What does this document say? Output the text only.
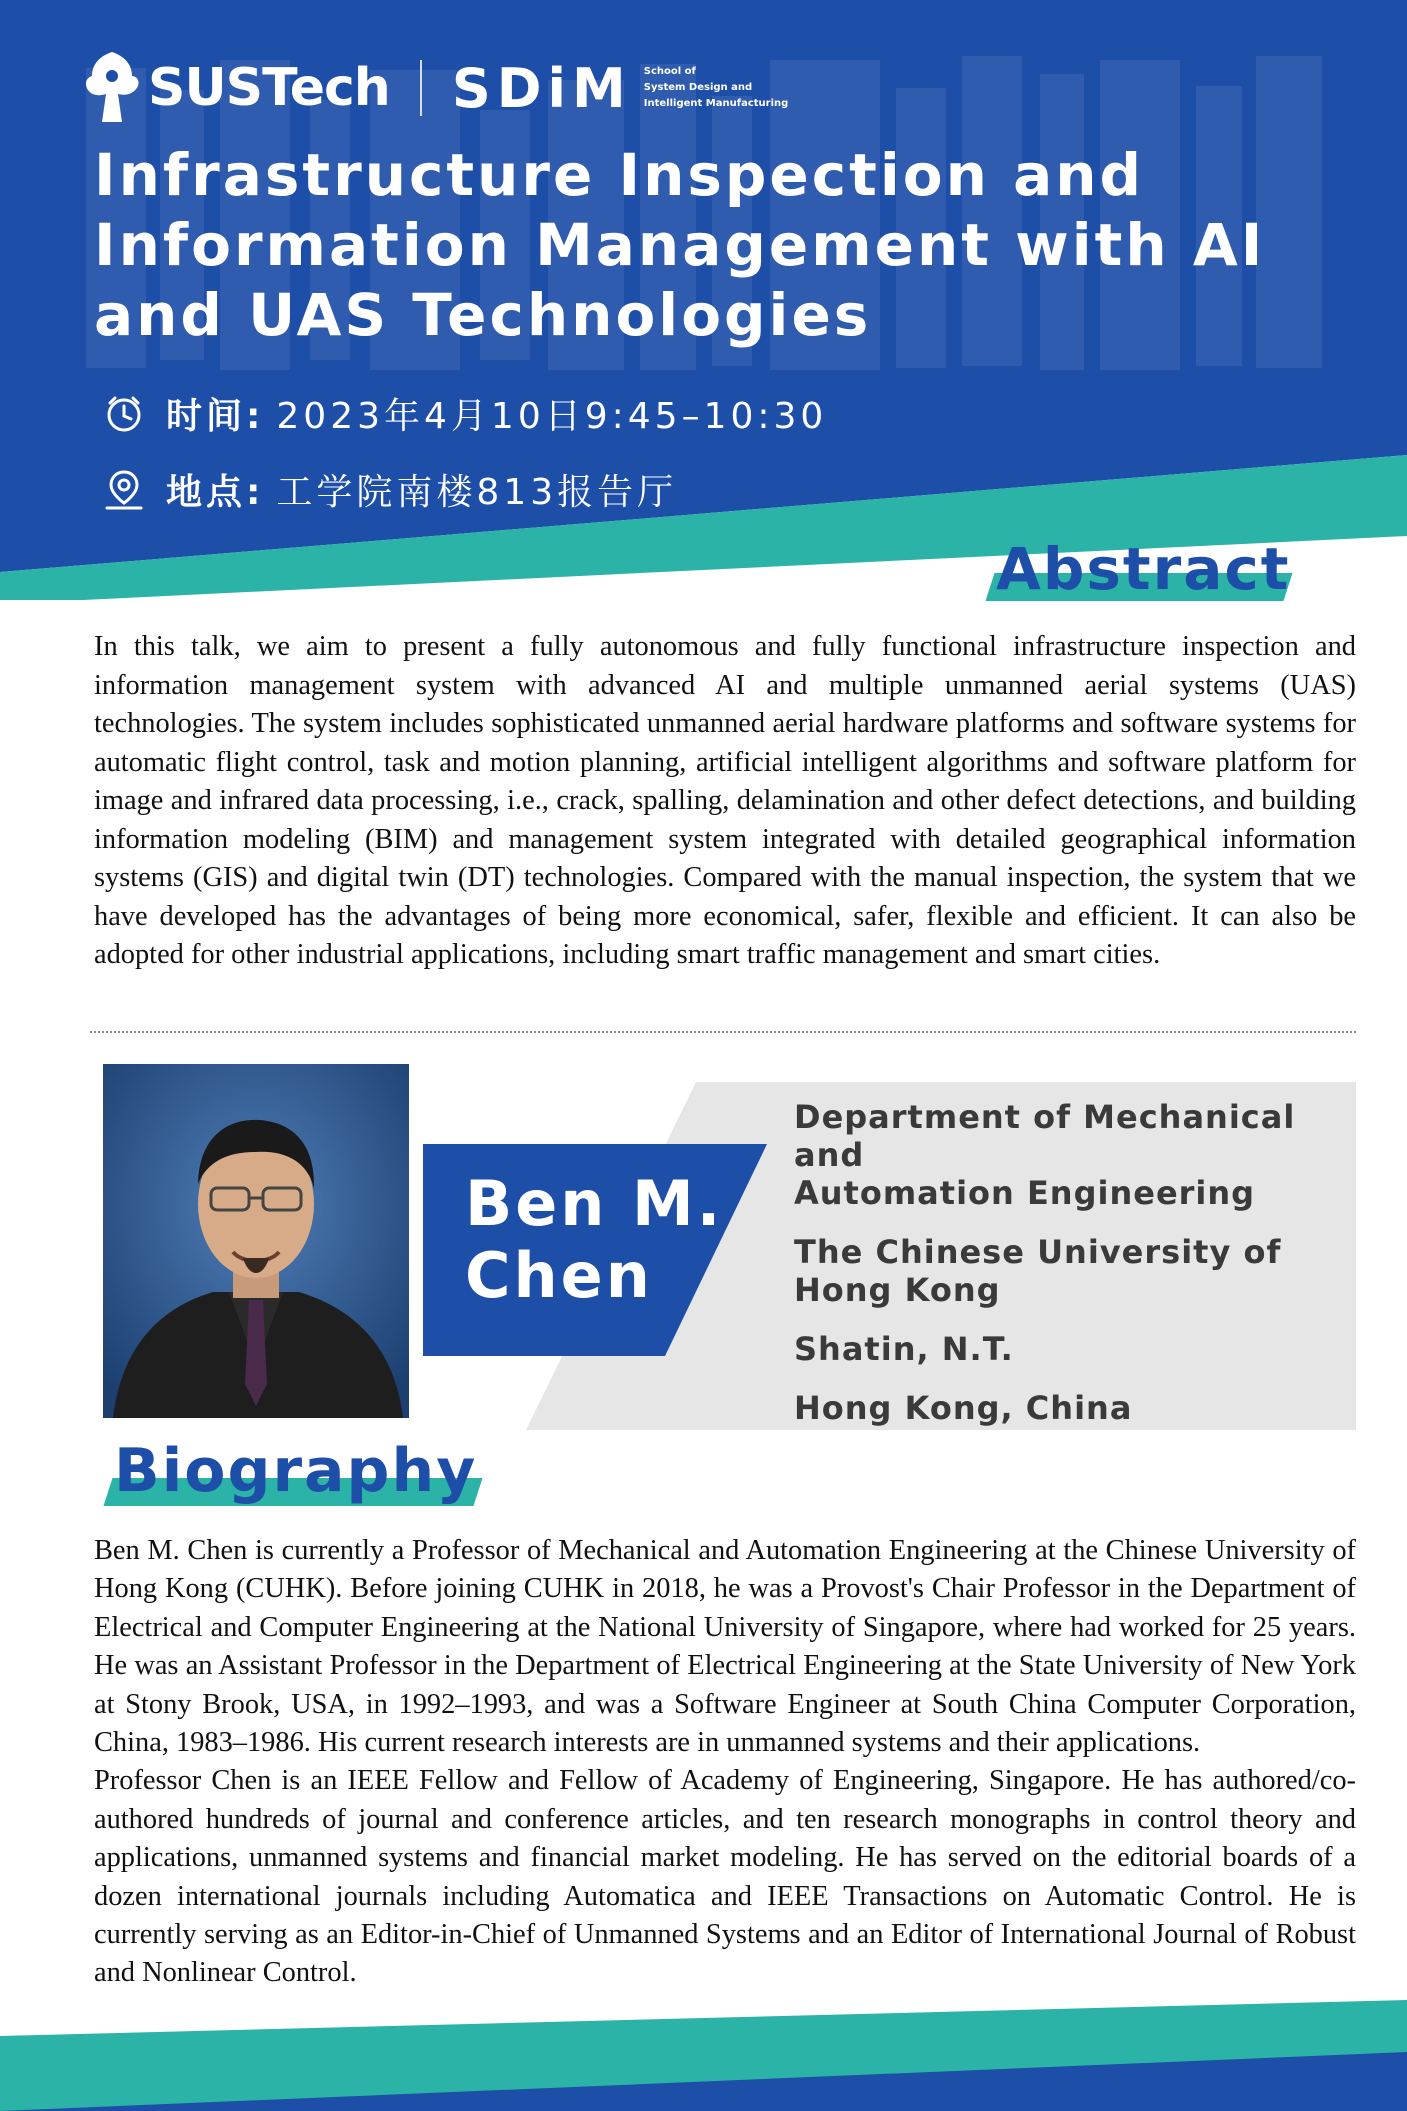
SUSTech SDiM School of
System Design and
Intelligent Manufacturing
Infrastructure Inspection and Information Management with AI and UAS Technologies
时间: 2023年4月10日9:45–10:30
地点: 工学院南楼813报告厅
Abstract

In this talk, we aim to present a fully autonomous and fully functional infrastructure inspection and information management system with advanced AI and multiple unmanned aerial systems (UAS) technologies. The system includes sophisticated unmanned aerial hardware platforms and software systems for automatic flight control, task and motion planning, artificial intelligent algorithms and software platform for image and infrared data processing, i.e., crack, spalling, delamination and other defect detections, and building information modeling (BIM) and management system integrated with detailed geographical information systems (GIS) and digital twin (DT) technologies. Compared with the manual inspection, the system that we have developed has the advantages of being more economical, safer, flexible and efficient. It can also be adopted for other industrial applications, including smart traffic management and smart cities.

Ben M.
Chen
Department of Mechanical and
Automation Engineering
The Chinese University of
Hong Kong
Shatin, N.T.
Hong Kong, China
Biography

Ben M. Chen is currently a Professor of Mechanical and Automation Engineering at the Chinese University of Hong Kong (CUHK). Before joining CUHK in 2018, he was a Provost's Chair Professor in the Department of Electrical and Computer Engineering at the National University of Singapore, where had worked for 25 years. He was an Assistant Professor in the Department of Electrical Engineering at the State University of New York at Stony Brook, USA, in 1992–1993, and was a Software Engineer at South China Computer Corporation, China, 1983–1986. His current research interests are in unmanned systems and their applications.

Professor Chen is an IEEE Fellow and Fellow of Academy of Engineering, Singapore. He has authored/co-authored hundreds of journal and conference articles, and ten research monographs in control theory and applications, unmanned systems and financial market modeling. He has served on the editorial boards of a dozen international journals including Automatica and IEEE Transactions on Automatic Control. He is currently serving as an Editor-in-Chief of Unmanned Systems and an Editor of International Journal of Robust and Nonlinear Control.
